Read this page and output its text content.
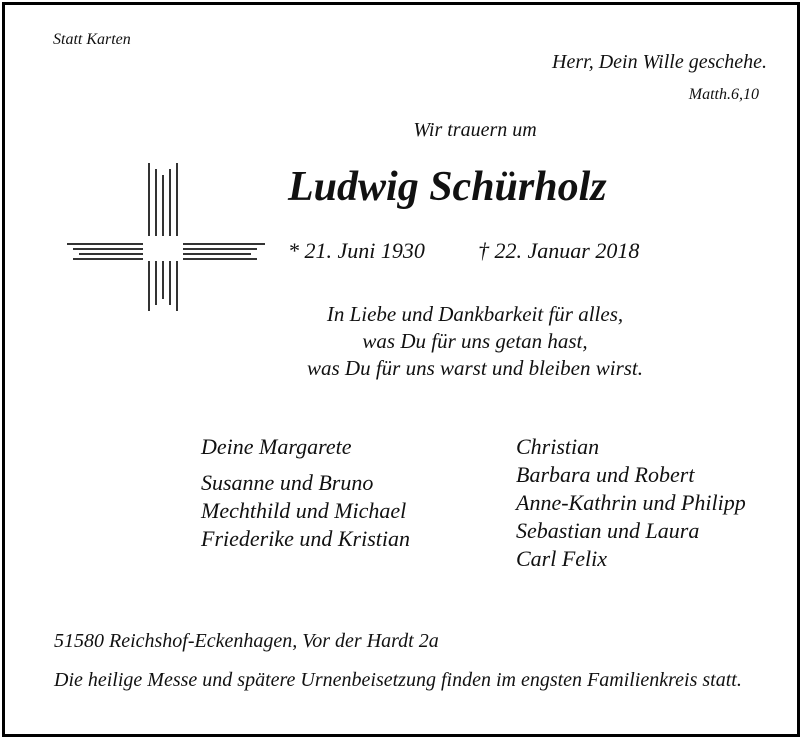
Statt Karten
Herr, Dein Wille geschehe.
Matth.6,10
Wir trauern um
Ludwig Schürholz
* 21. Juni 1930 † 22. Januar 2018
In Liebe und Dankbarkeit für alles,
was Du für uns getan hast,
was Du für uns warst und bleiben wirst.
Deine Margarete
Susanne und Bruno
Mechthild und Michael
Friederike und Kristian
Christian
Barbara und Robert
Anne-Kathrin und Philipp
Sebastian und Laura
Carl Felix
51580 Reichshof-Eckenhagen, Vor der Hardt 2a
Die heilige Messe und spätere Urnenbeisetzung finden im engsten Familienkreis statt.
